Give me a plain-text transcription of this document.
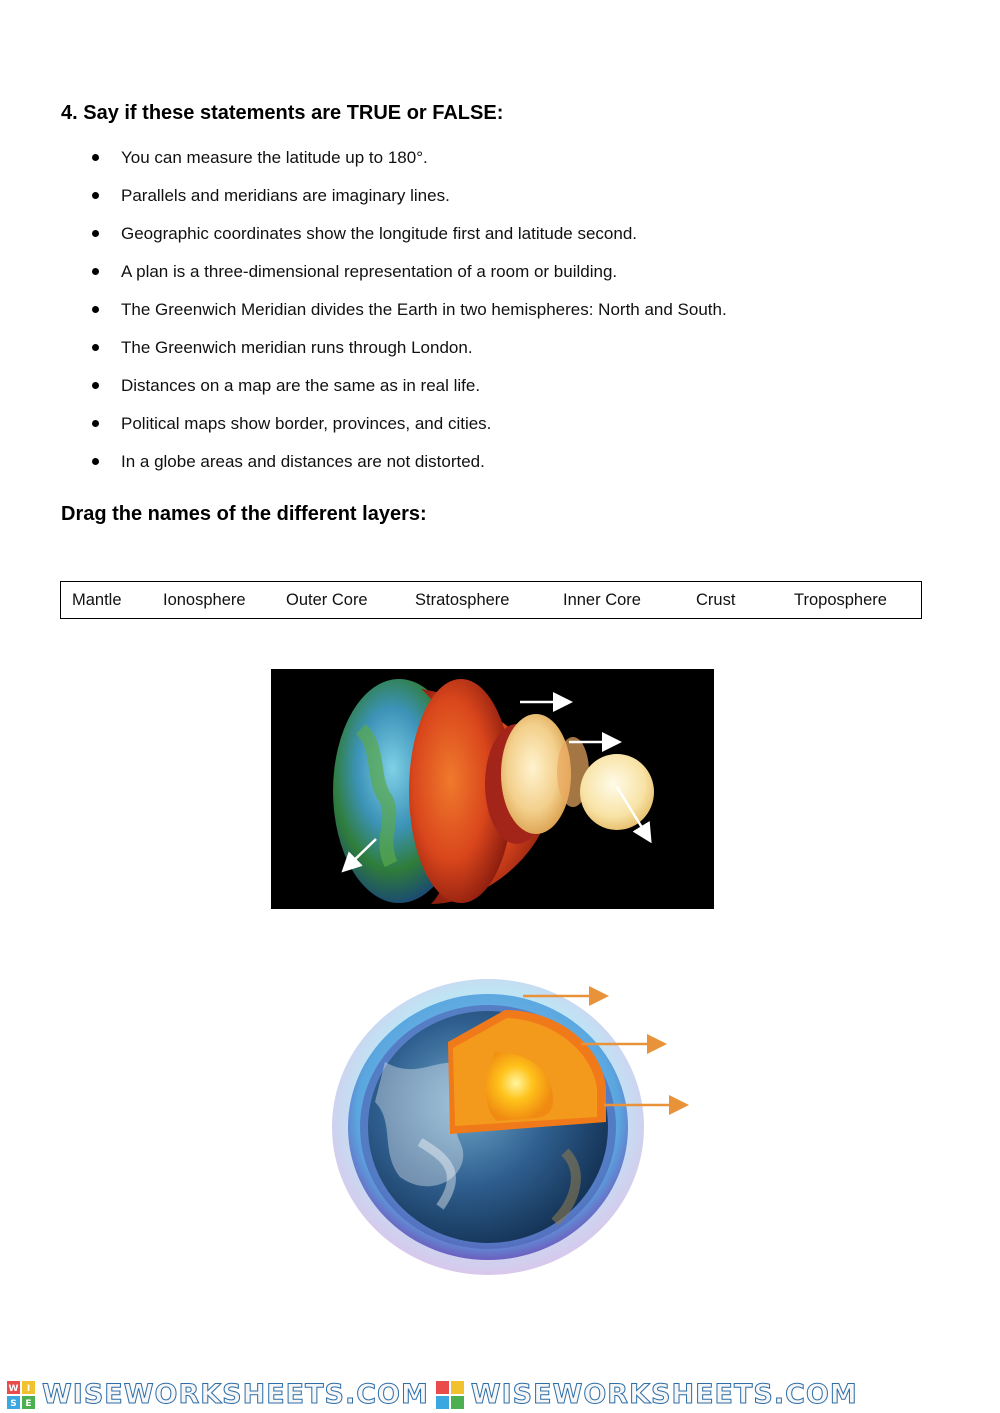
4. Say if these statements are TRUE or FALSE:
You can measure the latitude up to 180°.
Parallels and meridians are imaginary lines.
Geographic coordinates show the longitude first and latitude second.
A plan is a three-dimensional representation of a room or building.
The Greenwich Meridian divides the Earth in two hemispheres: North and South.
The Greenwich meridian runs through London.
Distances on a map are the same as in real life.
Political maps show border, provinces, and cities.
In a globe areas and distances are not distorted.
Drag the names of the different layers:
Mantle	Ionosphere Outer Core	Stratosphere	Inner Core	Crust	Troposphere
W I
S E WISEWORKSHEETS.COM WISEWORKSHEETS.COM
